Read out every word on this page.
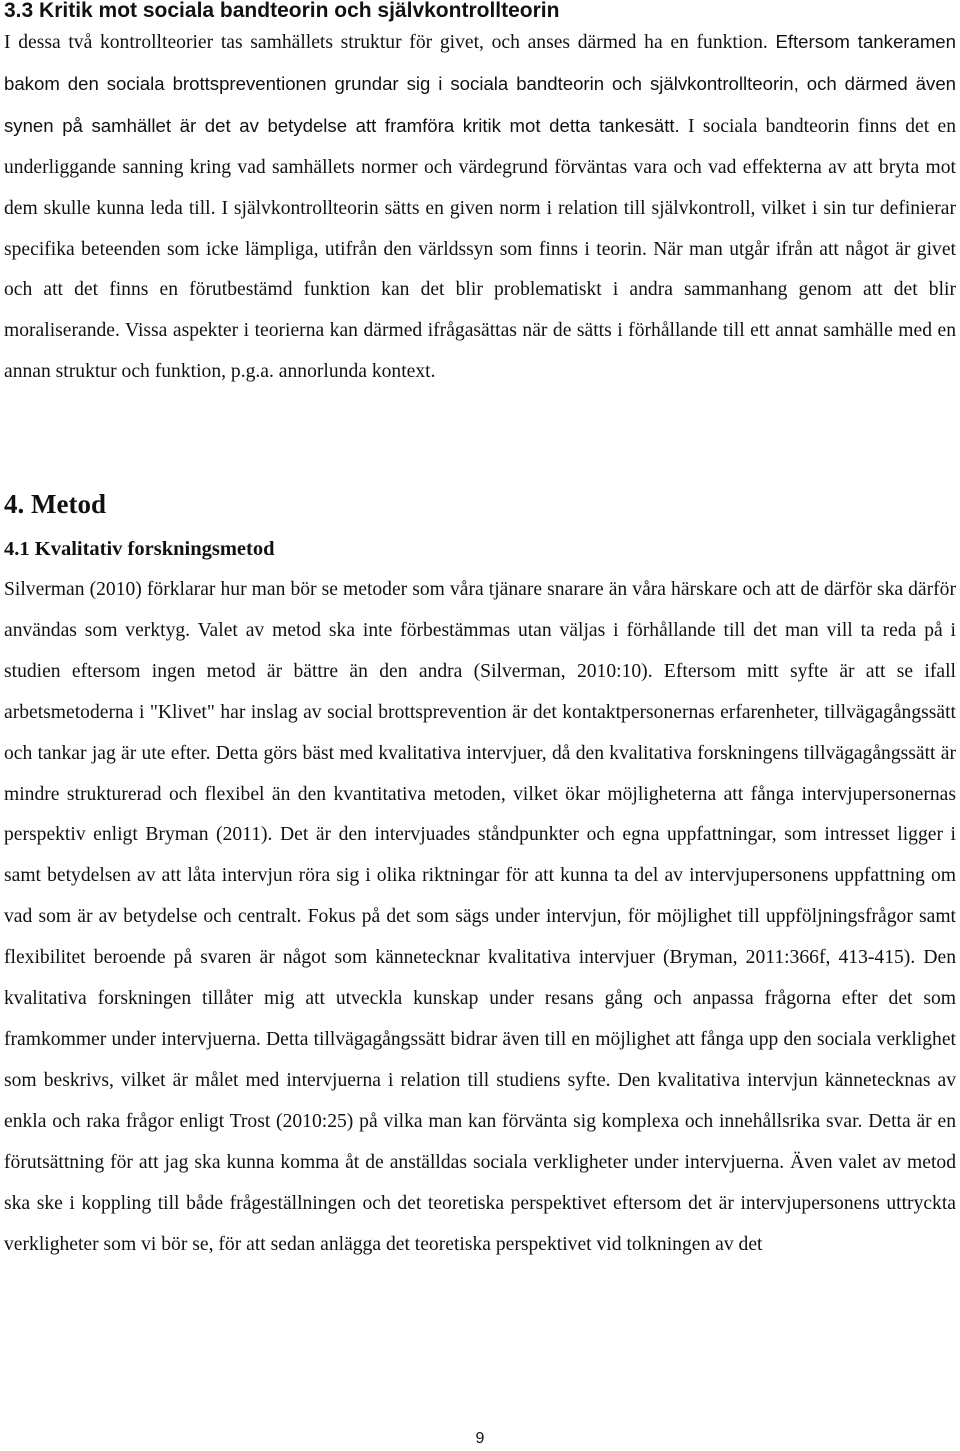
3.3 Kritik mot sociala bandteorin och självkontrollteorin

I dessa två kontrollteorier tas samhällets struktur för givet, och anses därmed ha en funktion. Eftersom tankeramen bakom den sociala brottspreventionen grundar sig i sociala bandteorin och självkontrollteorin, och därmed även synen på samhället är det av betydelse att framföra kritik mot detta tankesätt. I sociala bandteorin finns det en underliggande sanning kring vad samhällets normer och värdegrund förväntas vara och vad effekterna av att bryta mot dem skulle kunna leda till. I självkontrollteorin sätts en given norm i relation till självkontroll, vilket i sin tur definierar specifika beteenden som icke lämpliga, utifrån den världssyn som finns i teorin. När man utgår ifrån att något är givet och att det finns en förutbestämd funktion kan det blir problematiskt i andra sammanhang genom att det blir moraliserande. Vissa aspekter i teorierna kan därmed ifrågasättas när de sätts i förhållande till ett annat samhälle med en annan struktur och funktion, p.g.a. annorlunda kontext.

4. Metod
4.1 Kvalitativ forskningsmetod

Silverman (2010) förklarar hur man bör se metoder som våra tjänare snarare än våra härskare och att de därför ska därför användas som verktyg. Valet av metod ska inte förbestämmas utan väljas i förhållande till det man vill ta reda på i studien eftersom ingen metod är bättre än den andra (Silverman, 2010:10). Eftersom mitt syfte är att se ifall arbetsmetoderna i "Klivet" har inslag av social brottsprevention är det kontaktpersonernas erfarenheter, tillvägagångssätt och tankar jag är ute efter. Detta görs bäst med kvalitativa intervjuer, då den kvalitativa forskningens tillvägagångssätt är mindre strukturerad och flexibel än den kvantitativa metoden, vilket ökar möjligheterna att fånga intervjupersonernas perspektiv enligt Bryman (2011). Det är den intervjuades ståndpunkter och egna uppfattningar, som intresset ligger i samt betydelsen av att låta intervjun röra sig i olika riktningar för att kunna ta del av intervjupersonens uppfattning om vad som är av betydelse och centralt. Fokus på det som sägs under intervjun, för möjlighet till uppföljningsfrågor samt flexibilitet beroende på svaren är något som kännetecknar kvalitativa intervjuer (Bryman, 2011:366f, 413-415). Den kvalitativa forskningen tillåter mig att utveckla kunskap under resans gång och anpassa frågorna efter det som framkommer under intervjuerna. Detta tillvägagångssätt bidrar även till en möjlighet att fånga upp den sociala verklighet som beskrivs, vilket är målet med intervjuerna i relation till studiens syfte. Den kvalitativa intervjun kännetecknas av enkla och raka frågor enligt Trost (2010:25) på vilka man kan förvänta sig komplexa och innehållsrika svar. Detta är en förutsättning för att jag ska kunna komma åt de anställdas sociala verkligheter under intervjuerna. Även valet av metod ska ske i koppling till både frågeställningen och det teoretiska perspektivet eftersom det är intervjupersonens uttryckta verkligheter som vi bör se, för att sedan anlägga det teoretiska perspektivet vid tolkningen av det

9
